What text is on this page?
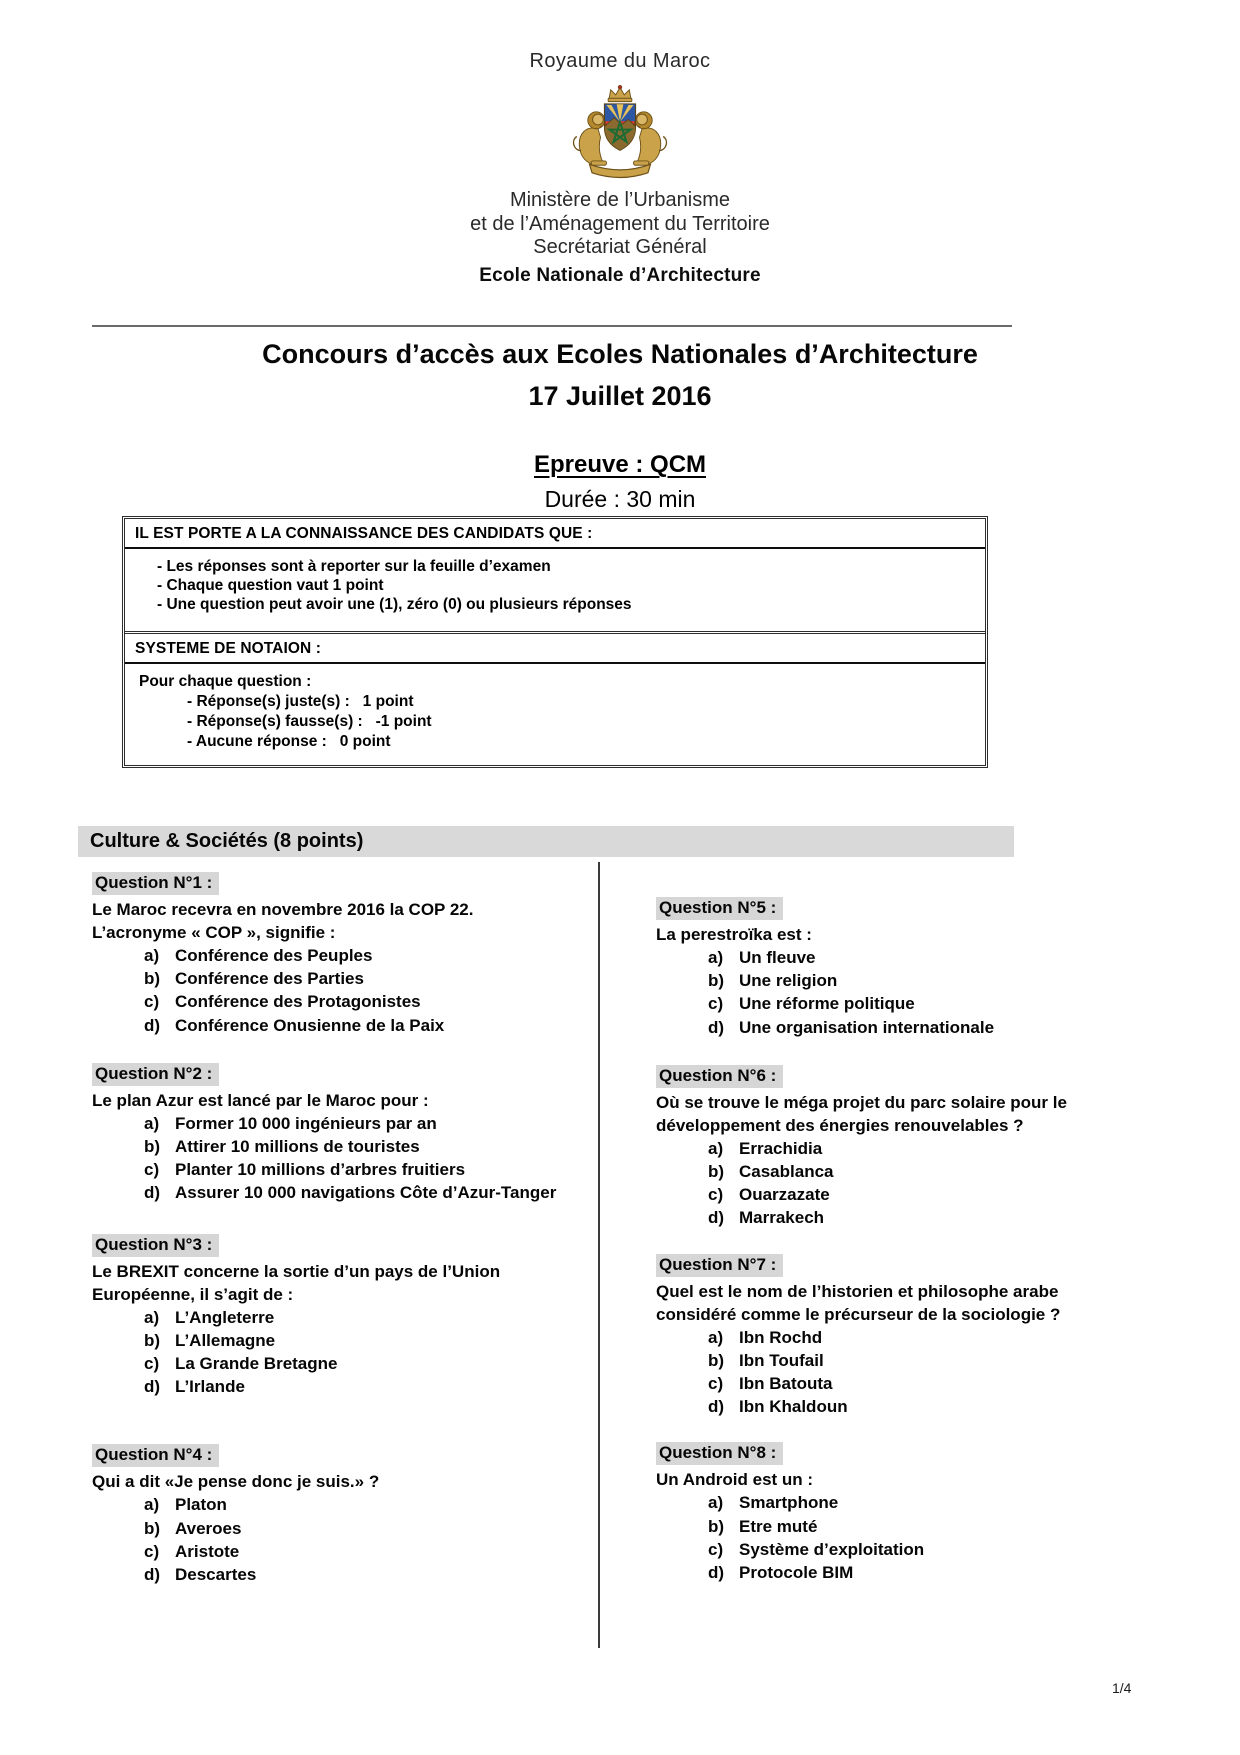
Royaume du Maroc
Ministère de l’Urbanisme
et de l’Aménagement du Territoire
Secrétariat Général
Ecole Nationale d’Architecture
Concours d’accès aux Ecoles Nationales d’Architecture
17 Juillet 2016
Epreuve : QCM
Durée : 30 min
IL EST PORTE A LA CONNAISSANCE DES CANDIDATS QUE :
- Les réponses sont à reporter sur la feuille d’examen
- Chaque question vaut 1 point
- Une question peut avoir une (1), zéro (0) ou plusieurs réponses
SYSTEME DE NOTAION :
Pour chaque question :
- Réponse(s) juste(s) :   1 point
- Réponse(s) fausse(s) :   -1 point
- Aucune réponse :   0 point
Culture & Sociétés (8 points)
Question N°1 :
Le Maroc recevra en novembre 2016 la COP 22.
L’acronyme « COP », signifie :
a) Conférence des Peuples
b) Conférence des Parties
c) Conférence des Protagonistes
d) Conférence Onusienne de la Paix
Question N°2 :
Le plan Azur est lancé par le Maroc pour :
a) Former 10 000 ingénieurs par an
b) Attirer 10 millions de touristes
c) Planter 10 millions d’arbres fruitiers
d) Assurer 10 000 navigations Côte d’Azur-Tanger
Question N°3 :
Le BREXIT concerne la sortie d’un pays de l’Union
Européenne, il s’agit de :
a) L’Angleterre
b) L’Allemagne
c) La Grande Bretagne
d) L’Irlande
Question N°4 :
Qui a dit «Je pense donc je suis.» ?
a) Platon
b) Averoes
c) Aristote
d) Descartes
Question N°5 :
La perestroïka est :
a) Un fleuve
b) Une religion
c) Une réforme politique
d) Une organisation internationale
Question N°6 :
Où se trouve le méga projet du parc solaire pour le
développement des énergies renouvelables ?
a) Errachidia
b) Casablanca
c) Ouarzazate
d) Marrakech
Question N°7 :
Quel est le nom de l’historien et philosophe arabe
considéré comme le précurseur de la sociologie ?
a) Ibn Rochd
b) Ibn Toufail
c) Ibn Batouta
d) Ibn Khaldoun
Question N°8 :
Un Android est un :
a) Smartphone
b) Etre muté
c) Système d’exploitation
d) Protocole BIM
1/4
